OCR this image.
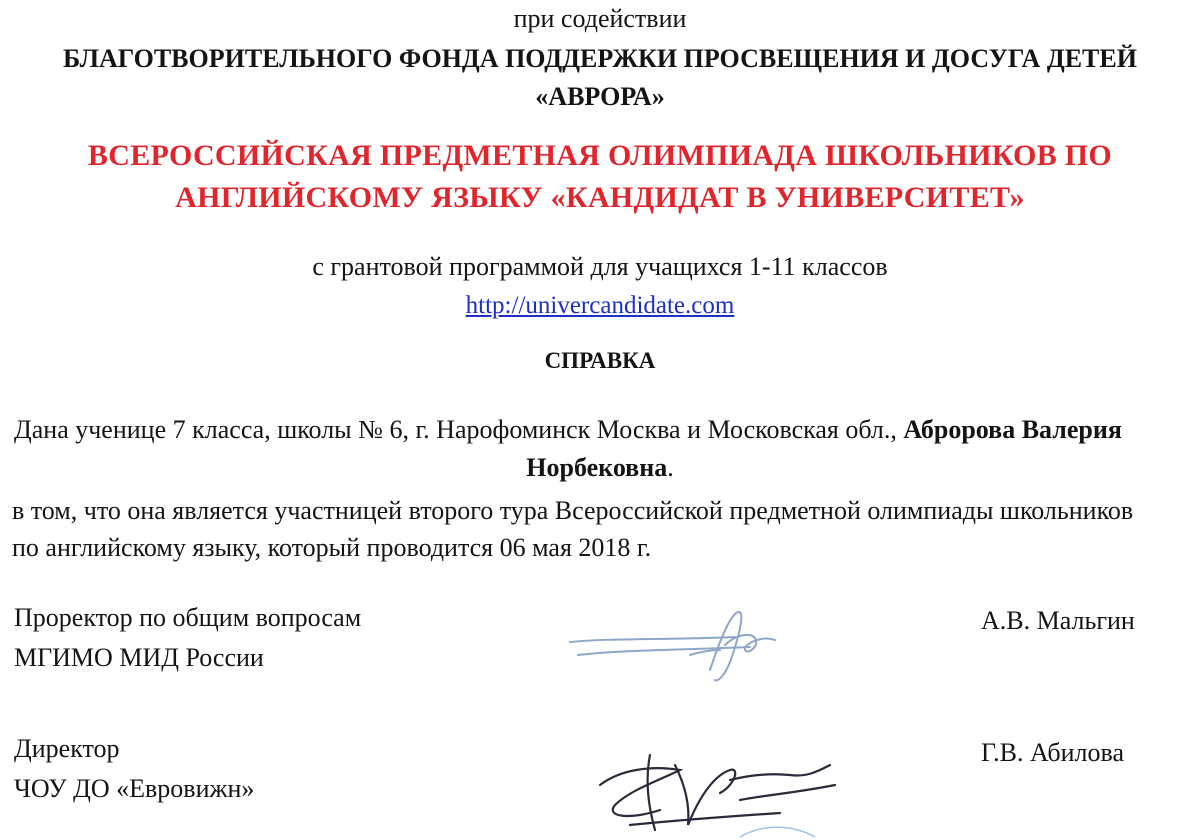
при содействии
БЛАГОТВОРИТЕЛЬНОГО ФОНДА ПОДДЕРЖКИ ПРОСВЕЩЕНИЯ И ДОСУГА ДЕТЕЙ
«АВРОРА»
ВСЕРОССИЙСКАЯ ПРЕДМЕТНАЯ ОЛИМПИАДА ШКОЛЬНИКОВ ПО
АНГЛИЙСКОМУ ЯЗЫКУ «КАНДИДАТ В УНИВЕРСИТЕТ»
с грантовой программой для учащихся 1-11 классов
http://univercandidate.com
СПРАВКА
Дана ученице 7 класса, школы № 6, г. Нарофоминск Москва и Московская обл., Абророва Валерия
Норбековна.
в том, что она является участницей второго тура Всероссийской предметной олимпиады школьников
по английскому языку, который проводится 06 мая 2018 г.
Проректор по общим вопросам
МГИМО МИД России
А.В. Мальгин
Директор
ЧОУ ДО «Евровижн»
Г.В. Абилова
